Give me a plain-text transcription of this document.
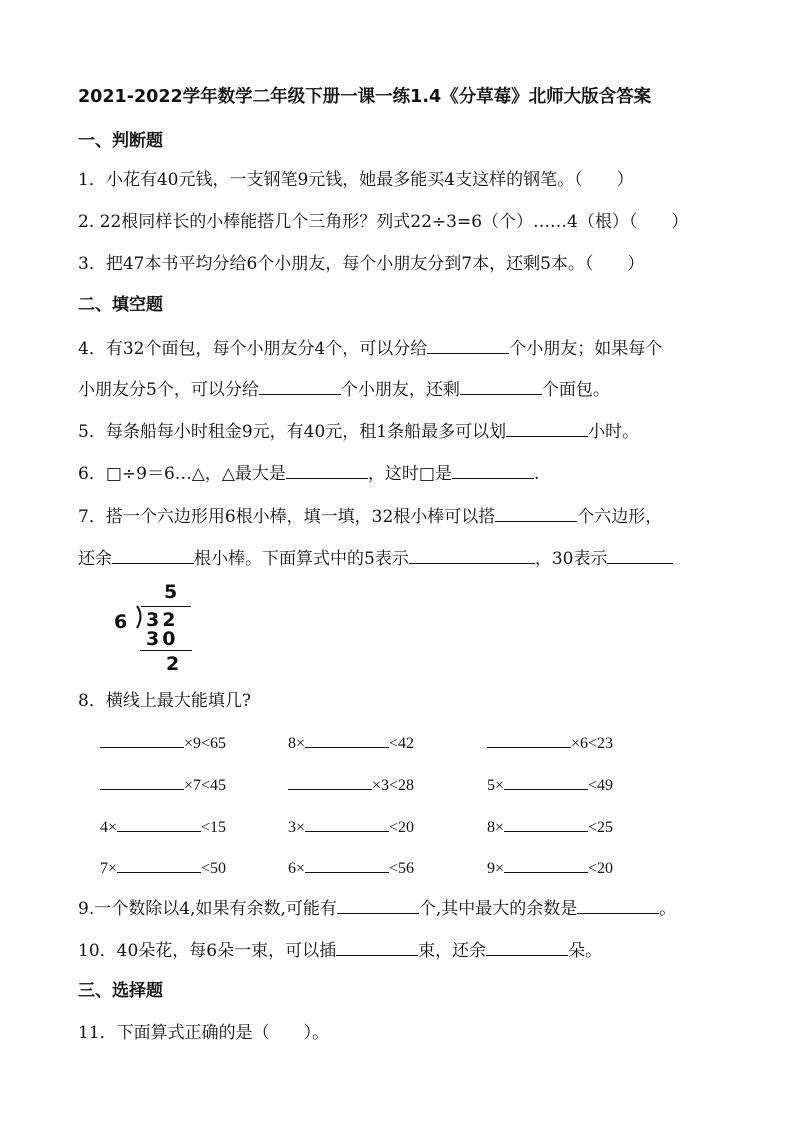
2021-2022学年数学二年级下册一课一练1.4《分草莓》北师大版含答案
一、判断题
1．小花有40元钱，一支钢笔9元钱，她最多能买4支这样的钢笔。（　　）
2. 22根同样长的小棒能搭几个三角形？列式22÷3=6（个）……4（根）（　　）
3．把47本书平均分给6个小朋友，每个小朋友分到7本，还剩5本。（　　）
二、填空题
4．有32个面包，每个小朋友分4个，可以分给	个小朋友；如果每个
小朋友分5个，可以分给	个小朋友，还剩	个面包。
5．每条船每小时租金9元，有40元，租1条船最多可以划	小时。
6．□÷9＝6…△，△最大是	，这时□是	.
7．搭一个六边形用6根小棒，填一填，32根小棒可以搭	个六边形，
还余	根小棒。下面算式中的5表示	，30表示
5
6 32
30
2
8．横线上最大能填几?
×9<65	8×	<42	×6<23
×7<45	×3<28	5×	<49
4×	<15	3×	<20	8×	<25
7×	<50	6×	<56	9×	<20
9.一个数除以4,如果有余数,可能有	个,其中最大的余数是	。
10．40朵花，每6朵一束，可以插	束，还余	朵。
三、选择题
11．下面算式正确的是（　　）。
